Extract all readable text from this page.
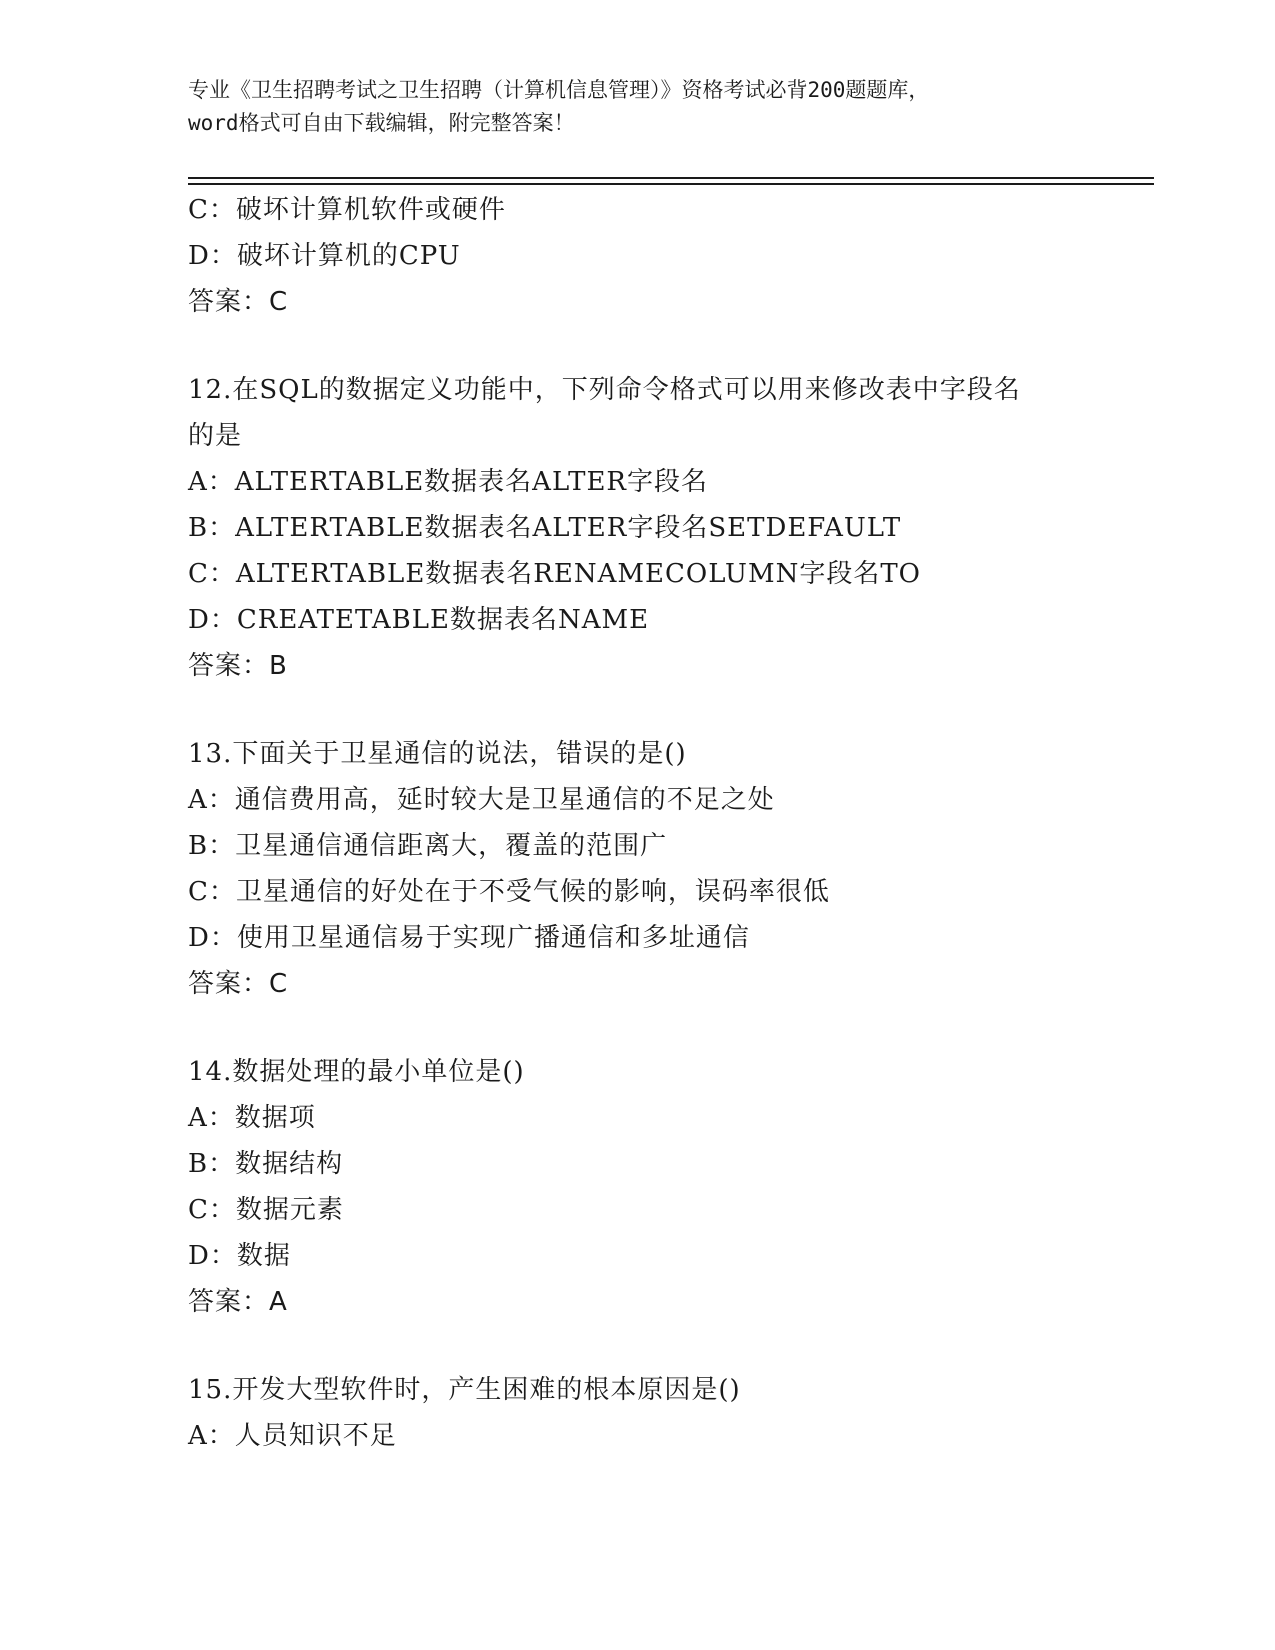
专业《卫生招聘考试之卫生招聘（计算机信息管理）》资格考试必背200题题库，
word格式可自由下载编辑，附完整答案！
C：破坏计算机软件或硬件
D：破坏计算机的CPU
答案：C
12.在SQL的数据定义功能中，下列命令格式可以用来修改表中字段名
的是
A：ALTERTABLE数据表名ALTER字段名
B：ALTERTABLE数据表名ALTER字段名SETDEFAULT
C：ALTERTABLE数据表名RENAMECOLUMN字段名TO
D：CREATETABLE数据表名NAME
答案：B
13.下面关于卫星通信的说法，错误的是()
A：通信费用高，延时较大是卫星通信的不足之处
B：卫星通信通信距离大，覆盖的范围广
C：卫星通信的好处在于不受气候的影响，误码率很低
D：使用卫星通信易于实现广播通信和多址通信
答案：C
14.数据处理的最小单位是()
A：数据项
B：数据结构
C：数据元素
D：数据
答案：A
15.开发大型软件时，产生困难的根本原因是()
A：人员知识不足
